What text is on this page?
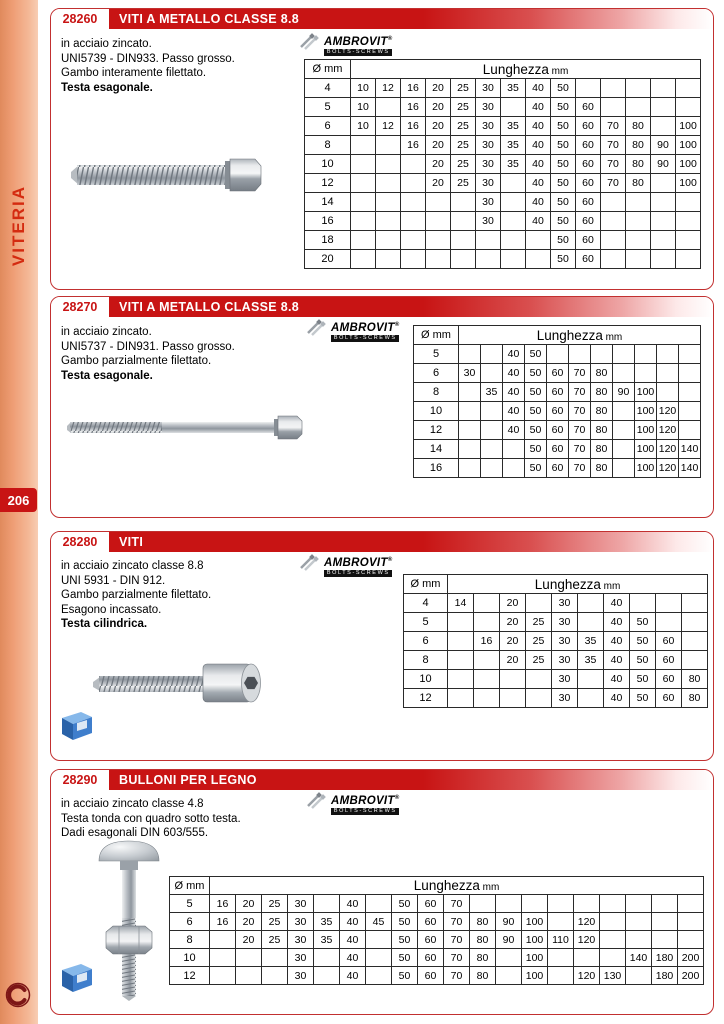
VITERIA
206
28260	VITI A METALLO CLASSE 8.8
in acciaio zincato.
UNI5739 - DIN933. Passo grosso.
Gambo interamente filettato.
Testa esagonale.
AMBROVIT®
BOLTS-SCREWS
Ø mm	Lunghezza mm													
4	10	12	16	20	25	30	35	40	50					
5	10		16	20	25	30		40	50	60				
6	10	12	16	20	25	30	35	40	50	60	70	80		100
8			16	20	25	30	35	40	50	60	70	80	90	100
10				20	25	30	35	40	50	60	70	80	90	100
12				20	25	30		40	50	60	70	80		100
14						30		40	50	60				
16						30		40	50	60				
18									50	60				
20									50	60				
28270	VITI A METALLO CLASSE 8.8
in acciaio zincato.
UNI5737 - DIN931. Passo grosso.
Gambo parzialmente filettato.
Testa esagonale.
AMBROVIT®
BOLTS-SCREWS Ø mm	Lunghezza mm										
5			40	50							
6	30		40	50	60	70	80				
8		35	40	50	60	70	80	90	100		
10			40	50	60	70	80		100	120	
12			40	50	60	70	80		100	120	
14				50	60	70	80		100	120	140
16				50	60	70	80		100	120	140
28280	VITI
in acciaio zincato classe 8.8
UNI 5931 - DIN 912.
Gambo parzialmente filettato.
Esagono incassato.
Testa cilindrica.
AMBROVIT®
BOLTS-SCREWS
Ø mm	Lunghezza mm									
4	14		20		30		40			
5			20	25	30		40	50		
6		16	20	25	30	35	40	50	60	
8			20	25	30	35	40	50	60	
10					30		40	50	60	80
12					30		40	50	60	80
28290	BULLONI PER LEGNO
in acciaio zincato classe 4.8
Testa tonda con quadro sotto testa.
Dadi esagonali DIN 603/555.
AMBROVIT®
BOLTS-SCREWS
Ø mm	Lunghezza mm																		
5	16	20	25	30		40		50	60	70									
6	16	20	25	30	35	40	45	50	60	70	80	90	100		120				
8		20	25	30	35	40		50	60	70	80	90	100	110	120				
10				30		40		50	60	70	80		100				140	180	200
12				30		40		50	60	70	80		100		120	130		180	200
